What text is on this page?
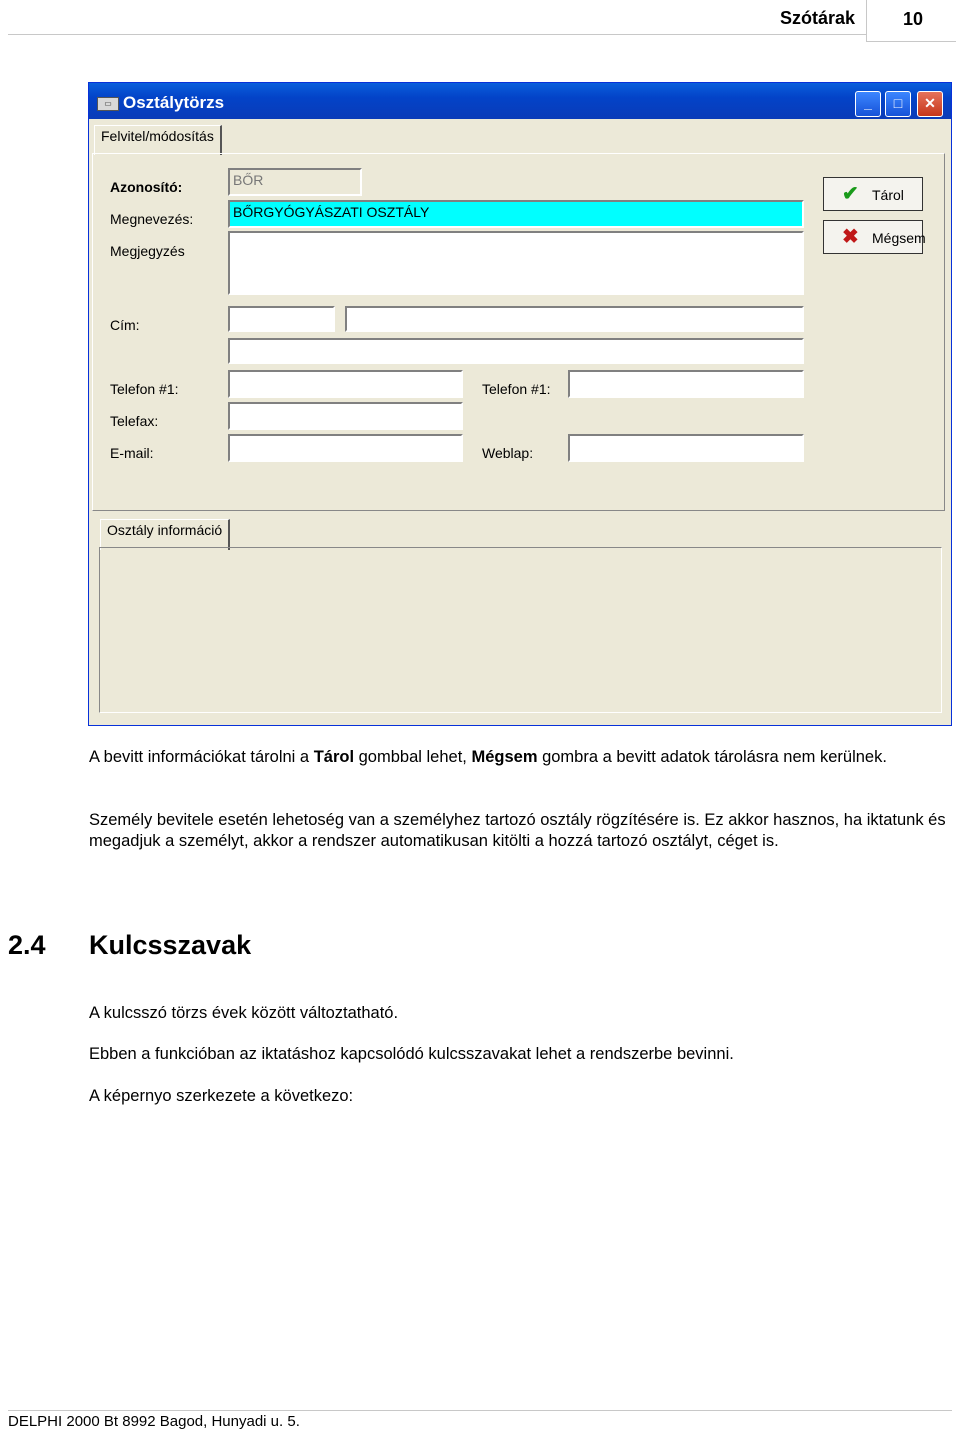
Szótárak	10
▭ Osztálytörzs	_	□	✕
Felvitel/módosítás
Azonosító:	BŐR
Megnevezés:	BŐRGYÓGYÁSZATI OSZTÁLY
Megjegyzés
Cím:
Telefon #1:	Telefon #1:
Telefax:
E-mail:	Weblap:
✔ Tárol
✖ Mégsem
Osztály információ
A bevitt információkat tárolni a Tárol gombbal lehet, Mégsem gombra a bevitt adatok tárolásra nem kerülnek.
Személy bevitele esetén lehetoség van a személyhez tartozó osztály rögzítésére is. Ez akkor hasznos, ha iktatunk és megadjuk a személyt, akkor a rendszer automatikusan kitölti a hozzá tartozó osztályt, céget is.
2.4 Kulcsszavak
A kulcsszó törzs évek között változtatható.
Ebben a funkcióban az iktatáshoz kapcsolódó kulcsszavakat lehet a rendszerbe bevinni.
A képernyo szerkezete a következo:
DELPHI 2000 Bt 8992 Bagod, Hunyadi u. 5.
